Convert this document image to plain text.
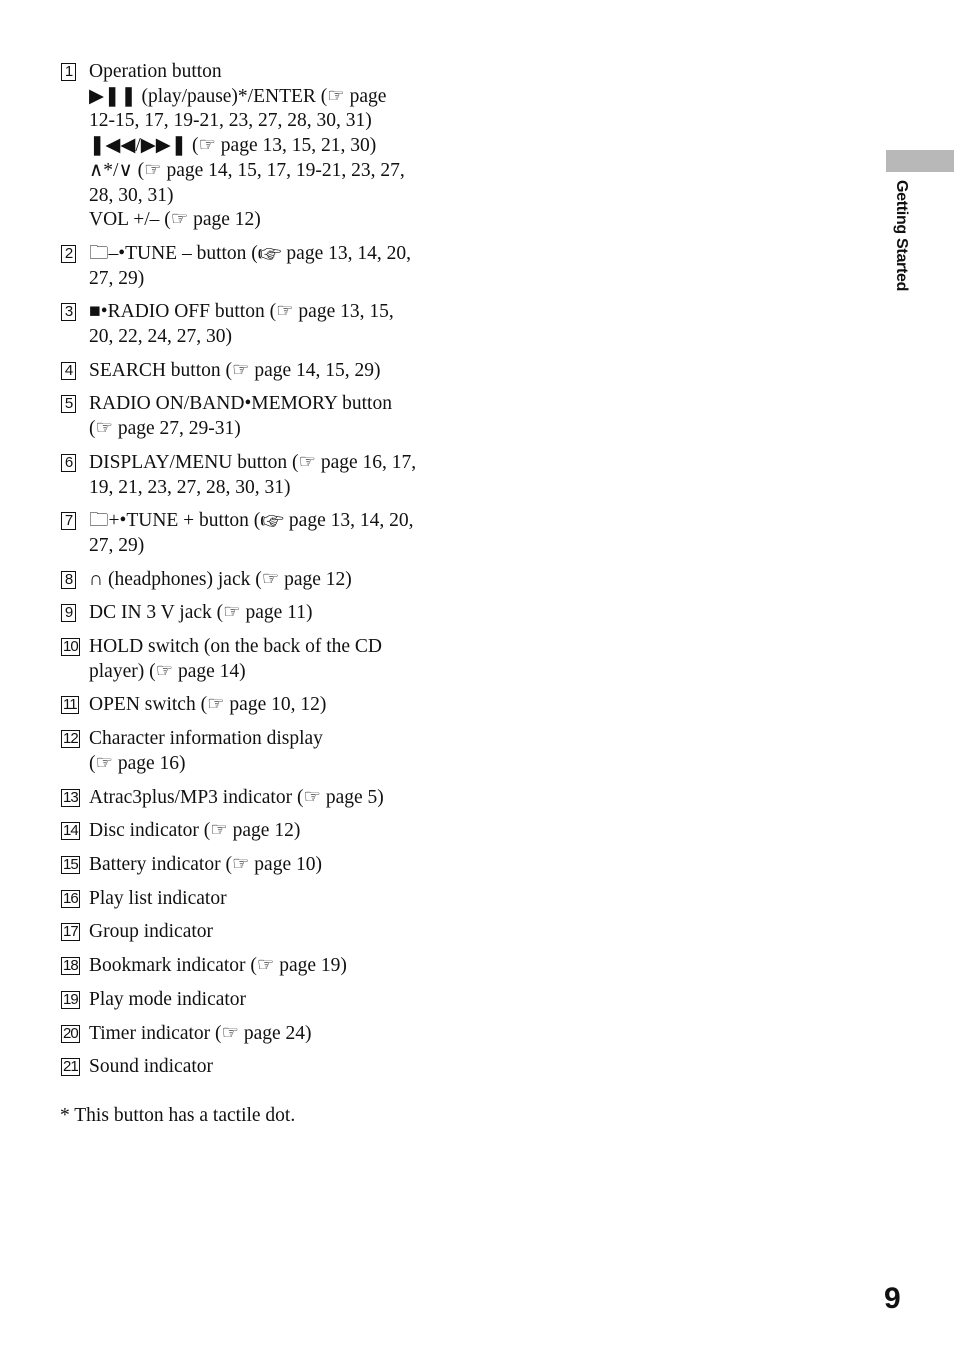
1 Operation button
▶❚❚ (play/pause)*/ENTER (☞ page
12-15, 17, 19-21, 23, 27, 28, 30, 31)
❚◀◀/▶▶❚ (☞ page 13, 15, 21, 30)
∧*/∨ (☞ page 14, 15, 17, 19-21, 23, 27,
28, 30, 31)
VOL +/– (☞ page 12)
2 🗀–•TUNE – button (☞ page 13, 14, 20,
27, 29)
3 ■•RADIO OFF button (☞ page 13, 15,
20, 22, 24, 27, 30)
4 SEARCH button (☞ page 14, 15, 29)
5 RADIO ON/BAND•MEMORY button
(☞ page 27, 29-31)
6 DISPLAY/MENU button (☞ page 16, 17,
19, 21, 23, 27, 28, 30, 31)
7 🗀+•TUNE + button (☞ page 13, 14, 20,
27, 29)
8 ∩ (headphones) jack (☞ page 12)
9 DC IN 3 V jack (☞ page 11)
10 HOLD switch (on the back of the CD
player) (☞ page 14)
11 OPEN switch (☞ page 10, 12)
12 Character information display
(☞ page 16)
13 Atrac3plus/MP3 indicator (☞ page 5)
14 Disc indicator (☞ page 12)
15 Battery indicator (☞ page 10)
16 Play list indicator
17 Group indicator
18 Bookmark indicator (☞ page 19)
19 Play mode indicator
20 Timer indicator (☞ page 24)
21 Sound indicator
* This button has a tactile dot.
Getting Started
9
